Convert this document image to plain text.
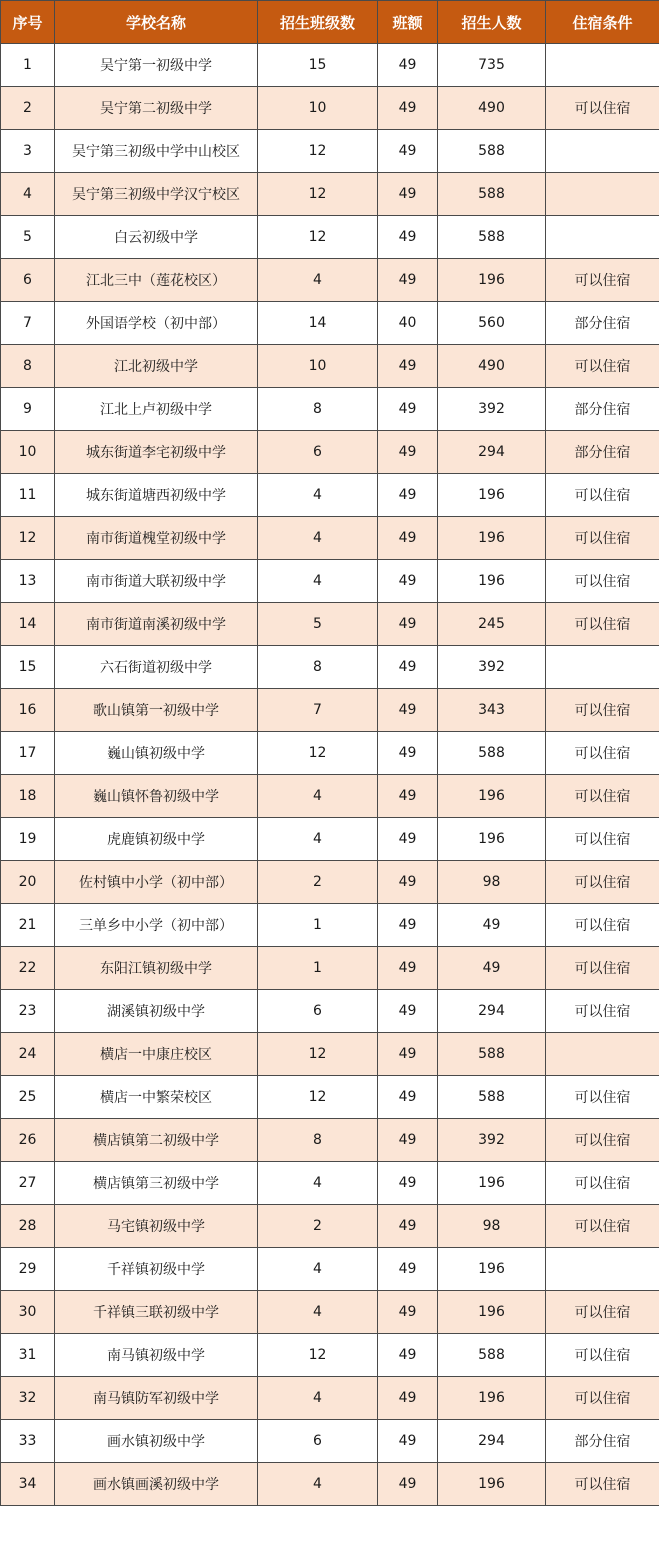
序号	学校名称	招生班级数	班额	招生人数	住宿条件
1	吴宁第一初级中学	15	49	735	
2	吴宁第二初级中学	10	49	490	可以住宿
3	吴宁第三初级中学中山校区	12	49	588	
4	吴宁第三初级中学汉宁校区	12	49	588	
5	白云初级中学	12	49	588	
6	江北三中（莲花校区）	4	49	196	可以住宿
7	外国语学校（初中部）	14	40	560	部分住宿
8	江北初级中学	10	49	490	可以住宿
9	江北上卢初级中学	8	49	392	部分住宿
10	城东街道李宅初级中学	6	49	294	部分住宿
11	城东街道塘西初级中学	4	49	196	可以住宿
12	南市街道槐堂初级中学	4	49	196	可以住宿
13	南市街道大联初级中学	4	49	196	可以住宿
14	南市街道南溪初级中学	5	49	245	可以住宿
15	六石街道初级中学	8	49	392	
16	歌山镇第一初级中学	7	49	343	可以住宿
17	巍山镇初级中学	12	49	588	可以住宿
18	巍山镇怀鲁初级中学	4	49	196	可以住宿
19	虎鹿镇初级中学	4	49	196	可以住宿
20	佐村镇中小学（初中部）	2	49	98	可以住宿
21	三单乡中小学（初中部）	1	49	49	可以住宿
22	东阳江镇初级中学	1	49	49	可以住宿
23	湖溪镇初级中学	6	49	294	可以住宿
24	横店一中康庄校区	12	49	588	
25	横店一中繁荣校区	12	49	588	可以住宿
26	横店镇第二初级中学	8	49	392	可以住宿
27	横店镇第三初级中学	4	49	196	可以住宿
28	马宅镇初级中学	2	49	98	可以住宿
29	千祥镇初级中学	4	49	196	
30	千祥镇三联初级中学	4	49	196	可以住宿
31	南马镇初级中学	12	49	588	可以住宿
32	南马镇防军初级中学	4	49	196	可以住宿
33	画水镇初级中学	6	49	294	部分住宿
34	画水镇画溪初级中学	4	49	196	可以住宿
